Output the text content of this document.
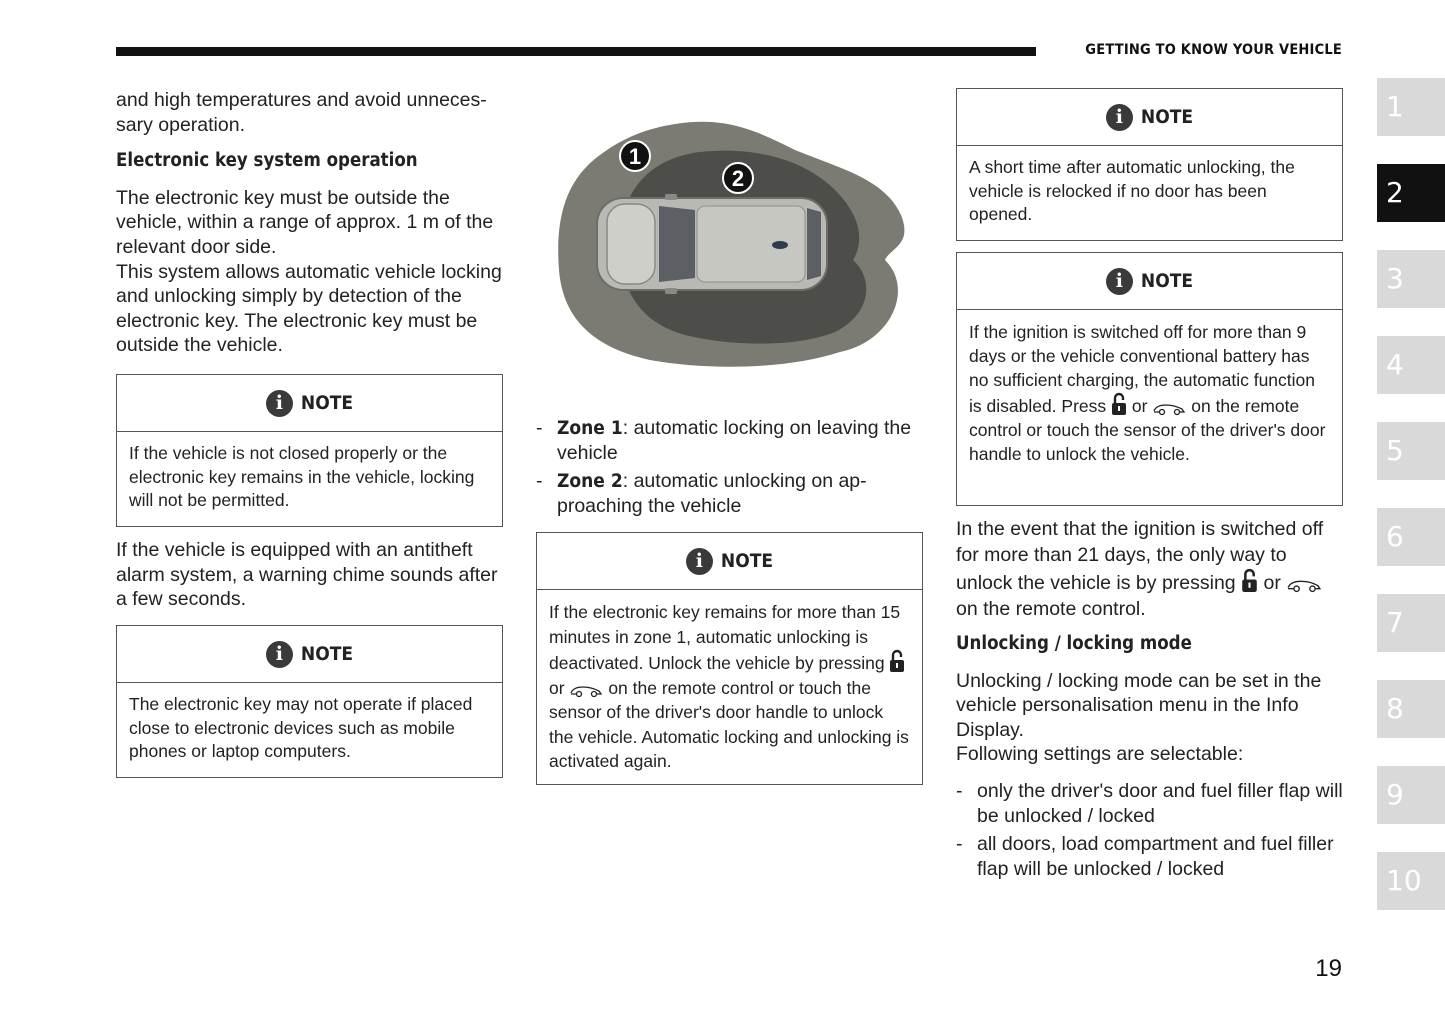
GETTING TO KNOW YOUR VEHICLE

and high temperatures and avoid unneces-
sary operation.

Electronic key system operation

The electronic key must be outside the vehicle, within a range of approx. 1 m of the relevant door side.

This system allows automatic vehicle locking and unlocking simply by detection of the electronic key. The electronic key must be outside the vehicle.

i NOTE
If the vehicle is not closed properly or the electronic key remains in the vehicle, locking will not be permitted.

If the vehicle is equipped with an antitheft alarm system, a warning chime sounds after a few seconds.

i NOTE
The electronic key may not operate if placed close to electronic devices such as mobile phones or laptop computers.
1
2
- Zone 1: automatic locking on leaving the vehicle
- Zone 2: automatic unlocking on ap-proaching the vehicle
i NOTE
If the electronic key remains for more than 15 minutes in zone 1, automatic unlocking is deactivated. Unlock the vehicle by pressing  or	on the remote control or touch the sensor of the driver's door handle to unlock the vehicle. Automatic locking and unlocking is activated again.
i NOTE
A short time after automatic unlocking, the vehicle is relocked if no door has been opened.
i NOTE
If the ignition is switched off for more than 9 days or the vehicle conventional battery has no sufficient charging, the automatic function is disabled. Press or	on the remote control or touch the sensor of the driver's door handle to unlock the vehicle.

In the event that the ignition is switched off for more than 21 days, the only way to unlock the vehicle is by pressing or  on the remote control.

Unlocking / locking mode

Unlocking / locking mode can be set in the vehicle personalisation menu in the Info Display.

Following settings are selectable:

- only the driver's door and fuel filler flap will be unlocked / locked
- all doors, load compartment and fuel filler flap will be unlocked / locked
1
2
3
4
5
6
7
8
9
10
19
